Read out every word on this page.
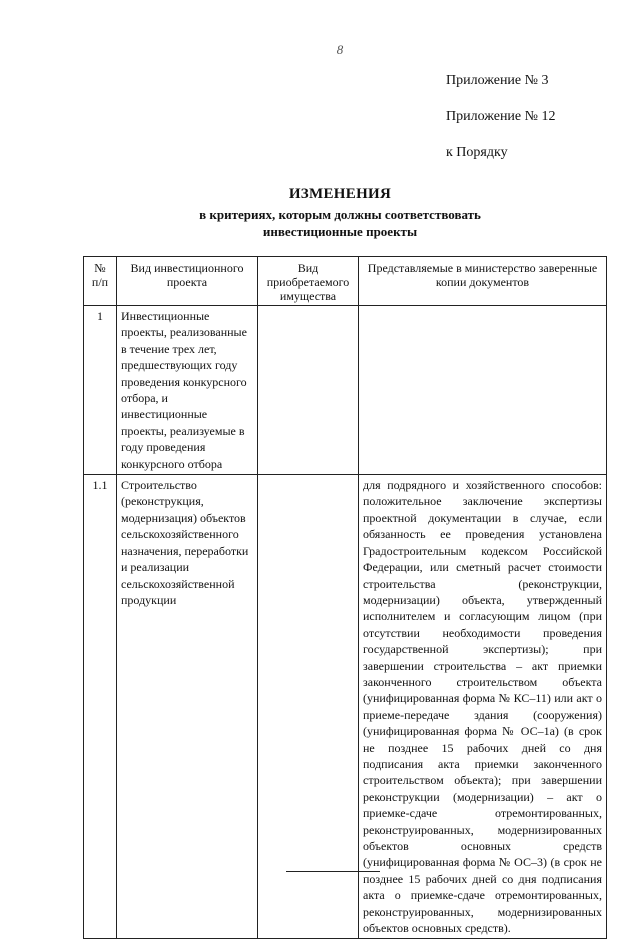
8
Приложение № 3
Приложение № 12
к Порядку
ИЗМЕНЕНИЯ
в критериях, которым должны соответствовать
инвестиционные проекты
№ п/п	Вид инвестиционного проекта	Вид приобретаемого имущества	Представляемые в министерство заверенные копии документов
1	Инвестиционные проекты, реализованные в течение трех лет, предшествующих году проведения конкурсного отбора, и инвестиционные проекты, реализуемые в году проведения конкурсного отбора		
1.1	Строительство (реконструкция, модернизация) объектов сельскохозяйственного назначения, переработки и реализации сельскохозяйственной продукции		для подрядного и хозяйственного способов: положительное заключение экспертизы проектной документации в случае, если обязанность ее проведения установлена Градостроительным кодексом Российской Федерации, или сметный расчет стоимости строительства (реконструкции, модернизации) объекта, утвержденный исполнителем и согласующим лицом (при отсутствии необходимости проведения государственной экспертизы); при завершении строительства – акт приемки законченного строительством объекта (унифицированная форма № КС–11) или акт о приеме-передаче здания (сооружения) (унифицированная форма № ОС–1а) (в срок не позднее 15 рабочих дней со дня подписания акта приемки законченного строительством объекта); при завершении реконструкции (модернизации) – акт о приемке-сдаче отремонтированных, реконструированных, модернизированных объектов основных средств (унифицированная форма № ОС–3) (в срок не позднее 15 рабочих дней со дня подписания акта о приемке-сдаче отремонтированных, реконструированных, модернизированных объектов основных средств).
